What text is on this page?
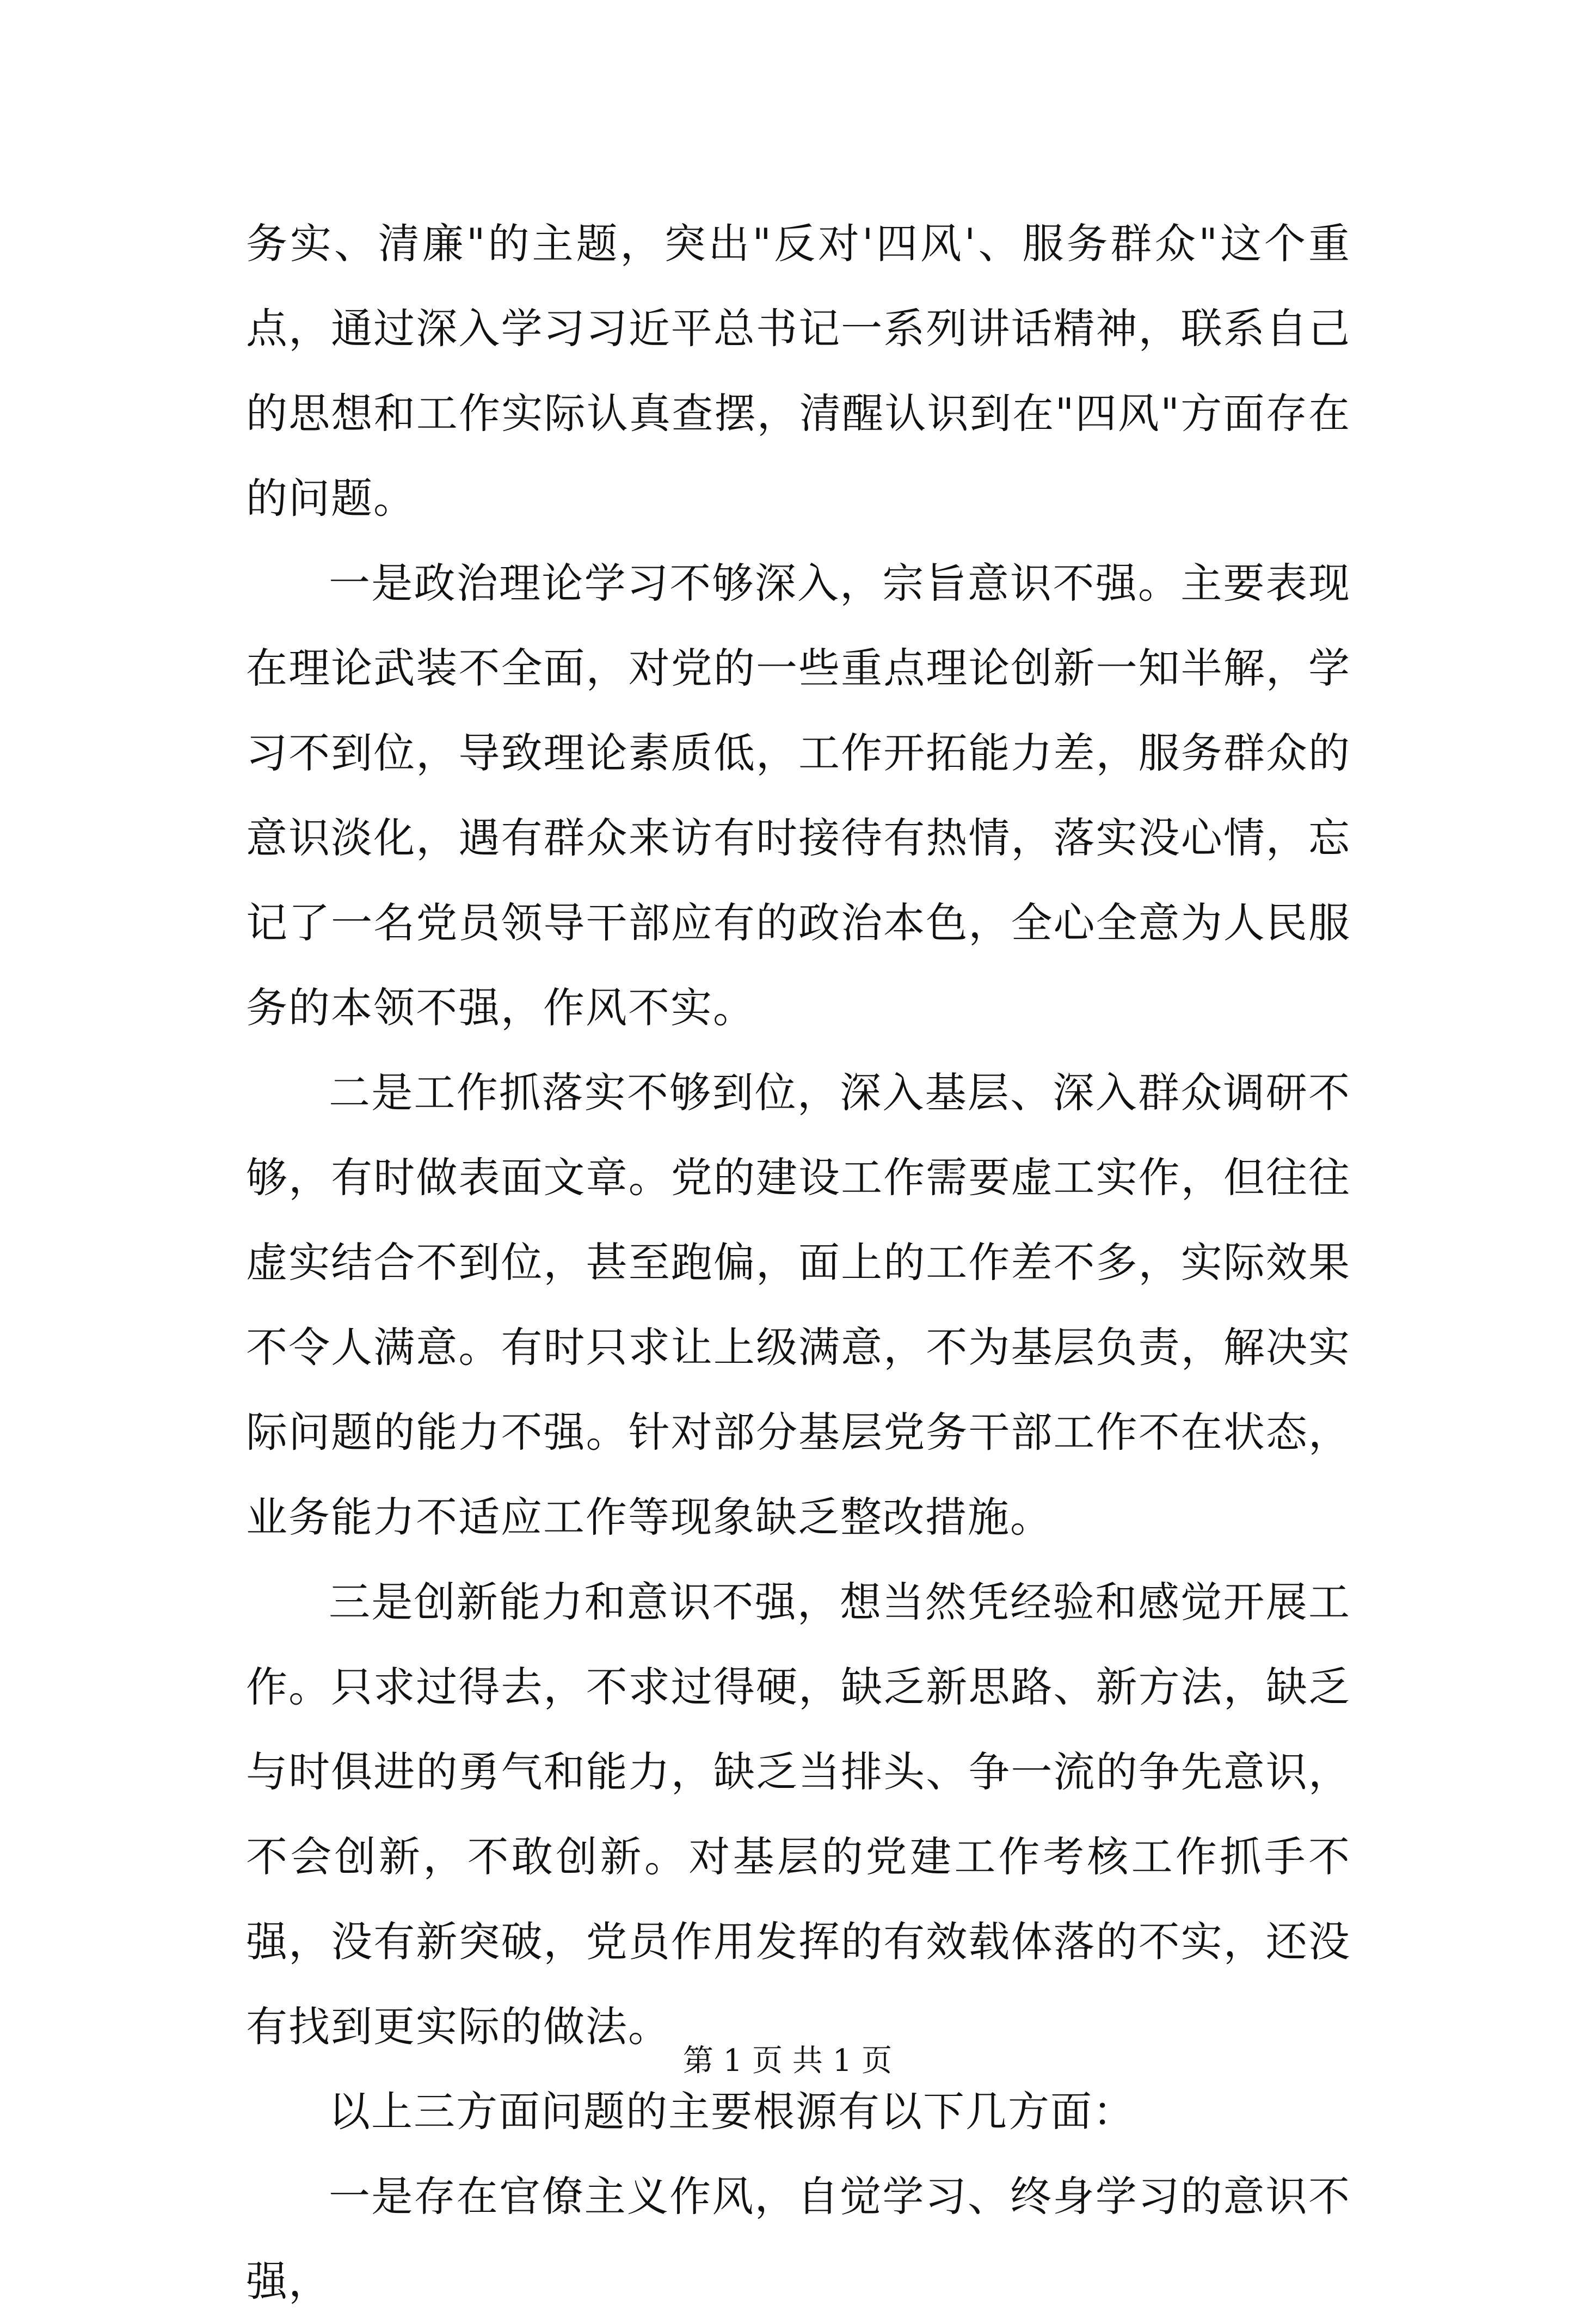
务实、清廉"的主题，突出"反对'四风'、服务群众"这个重点，通过深入学习习近平总书记一系列讲话精神，联系自己的思想和工作实际认真查摆，清醒认识到在"四风"方面存在的问题。

一是政治理论学习不够深入，宗旨意识不强。主要表现在理论武装不全面，对党的一些重点理论创新一知半解，学习不到位，导致理论素质低，工作开拓能力差，服务群众的意识淡化，遇有群众来访有时接待有热情，落实没心情，忘记了一名党员领导干部应有的政治本色，全心全意为人民服务的本领不强，作风不实。

二是工作抓落实不够到位，深入基层、深入群众调研不够，有时做表面文章。党的建设工作需要虚工实作，但往往虚实结合不到位，甚至跑偏，面上的工作差不多，实际效果不令人满意。有时只求让上级满意，不为基层负责，解决实际问题的能力不强。针对部分基层党务干部工作不在状态，业务能力不适应工作等现象缺乏整改措施。

三是创新能力和意识不强，想当然凭经验和感觉开展工作。只求过得去，不求过得硬，缺乏新思路、新方法，缺乏与时俱进的勇气和能力，缺乏当排头、争一流的争先意识，不会创新，不敢创新。对基层的党建工作考核工作抓手不强，没有新突破，党员作用发挥的有效载体落的不实，还没有找到更实际的做法。

以上三方面问题的主要根源有以下几方面：

一是存在官僚主义作风，自觉学习、终身学习的意识不强，

第 1 页 共 1 页
